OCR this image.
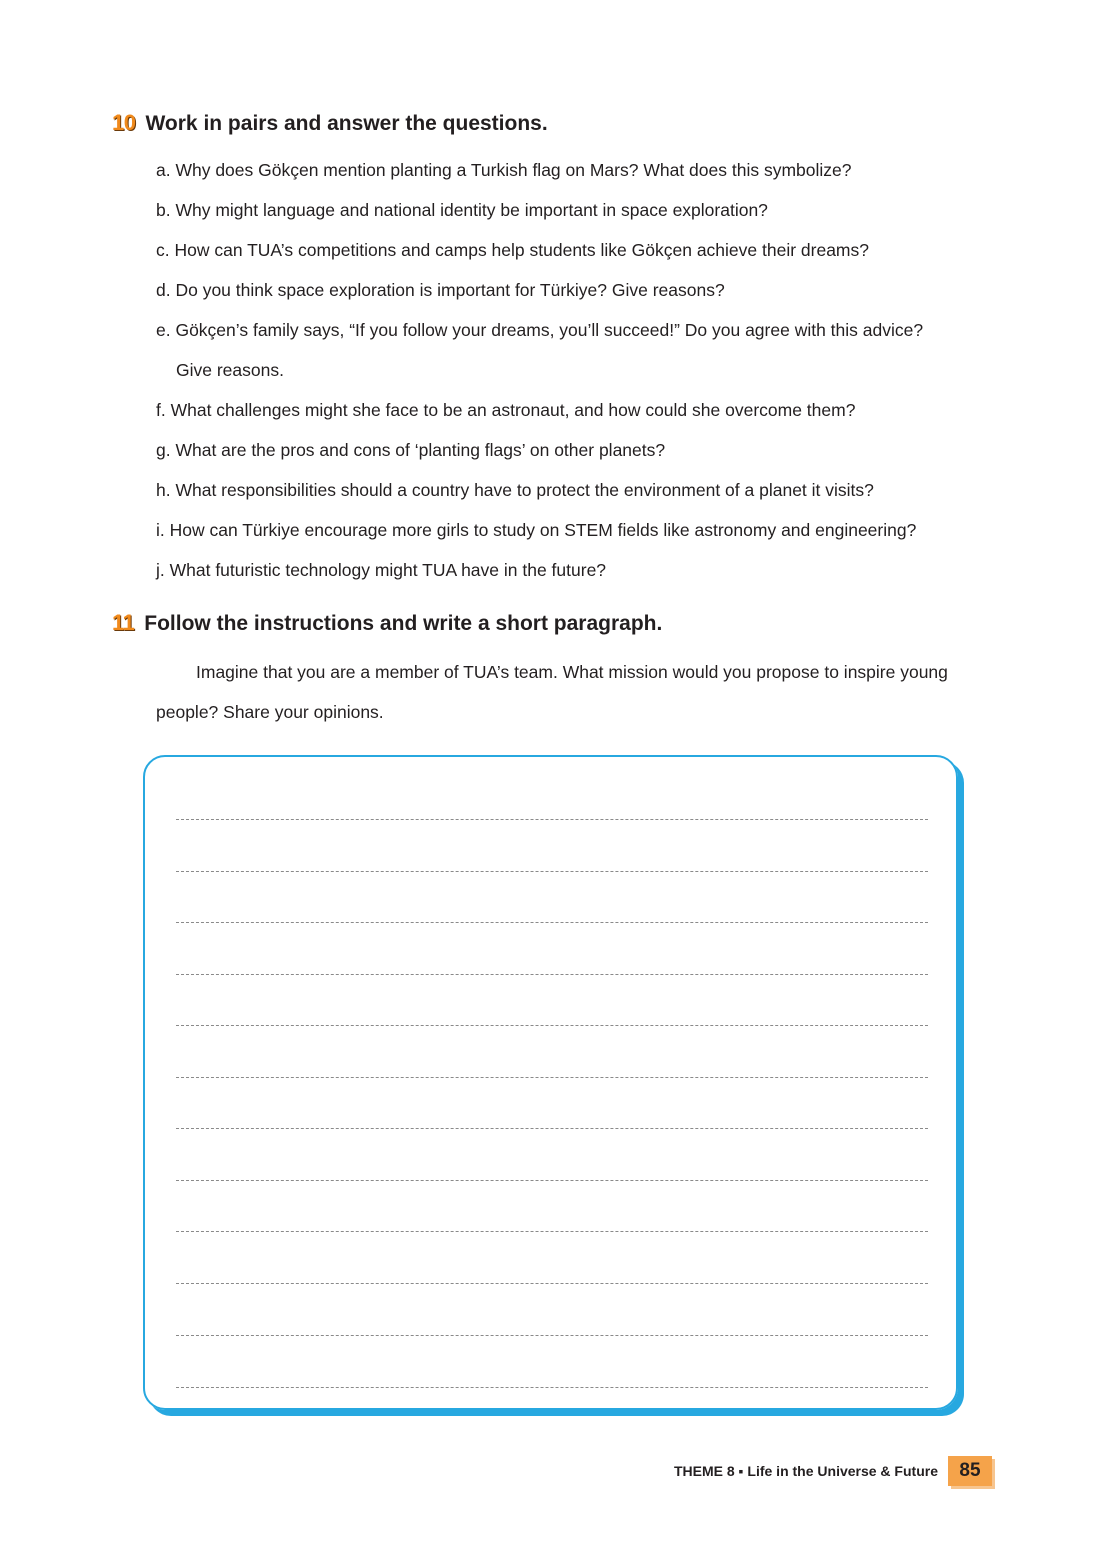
10 Work in pairs and answer the questions.
a. Why does Gökçen mention planting a Turkish flag on Mars? What does this symbolize?
b. Why might language and national identity be important in space exploration?
c. How can TUA’s competitions and camps help students like Gökçen achieve their dreams?
d. Do you think space exploration is important for Türkiye? Give reasons?
e. Gökçen’s family says, “If you follow your dreams, you’ll succeed!” Do you agree with this advice?
Give reasons.
f. What challenges might she face to be an astronaut, and how could she overcome them?
g. What are the pros and cons of ‘planting flags’ on other planets?
h. What responsibilities should a country have to protect the environment of a planet it visits?
i. How can Türkiye encourage more girls to study on STEM fields like astronomy and engineering?
j. What futuristic technology might TUA have in the future?
11 Follow the instructions and write a short paragraph.
Imagine that you are a member of TUA’s team. What mission would you propose to inspire young people? Share your opinions.
THEME 8 ▪ Life in the Universe & Future	85
